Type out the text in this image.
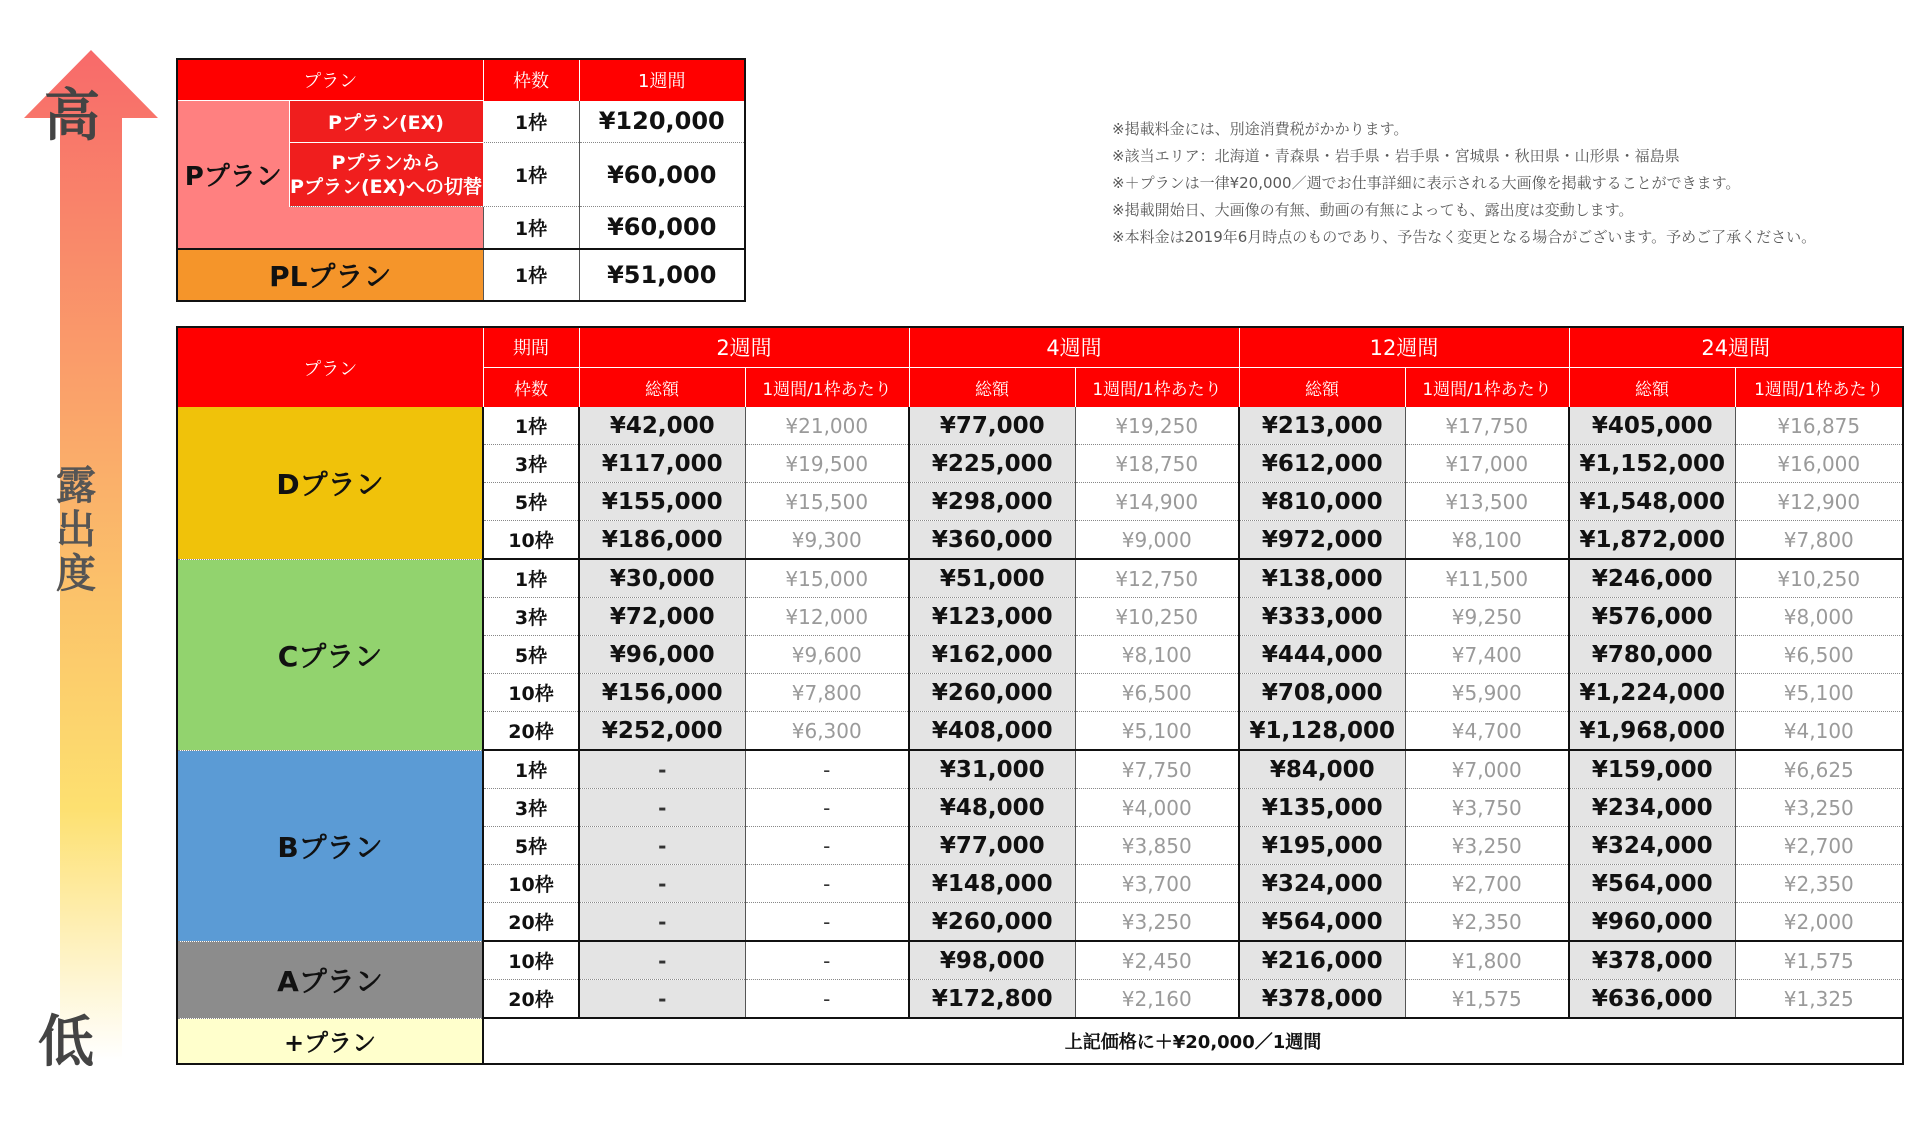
高
露出度
低
プラン		枠数	1週間
Pプラン	Pプラン(EX)	1枠	¥120,000

	Pプランから
Pプラン(EX)への切替	1枠	¥60,000
		1枠	¥60,000
PLプラン		1枠	¥51,000
※掲載料金には、別途消費税がかかります。
※該当エリア：北海道・青森県・岩手県・岩手県・宮城県・秋田県・山形県・福島県
※＋プランは一律¥20,000／週でお仕事詳細に表示される大画像を掲載することができます。
※掲載開始日、大画像の有無、動画の有無によっても、露出度は変動します。
※本料金は2019年6月時点のものであり、予告なく変更となる場合がございます。予めご了承ください。
プラン	期間	2週間		4週間		12週間		24週間	
	枠数	総額	1週間/1枠あたり	総額	1週間/1枠あたり	総額	1週間/1枠あたり	総額	1週間/1枠あたり
Dプラン	1枠	¥42,000	¥21,000	¥77,000	¥19,250	¥213,000	¥17,750	¥405,000	¥16,875
	3枠	¥117,000	¥19,500	¥225,000	¥18,750	¥612,000	¥17,000	¥1,152,000	¥16,000
	5枠	¥155,000	¥15,500	¥298,000	¥14,900	¥810,000	¥13,500	¥1,548,000	¥12,900
	10枠	¥186,000	¥9,300	¥360,000	¥9,000	¥972,000	¥8,100	¥1,872,000	¥7,800
Cプラン	1枠	¥30,000	¥15,000	¥51,000	¥12,750	¥138,000	¥11,500	¥246,000	¥10,250
	3枠	¥72,000	¥12,000	¥123,000	¥10,250	¥333,000	¥9,250	¥576,000	¥8,000
	5枠	¥96,000	¥9,600	¥162,000	¥8,100	¥444,000	¥7,400	¥780,000	¥6,500
	10枠	¥156,000	¥7,800	¥260,000	¥6,500	¥708,000	¥5,900	¥1,224,000	¥5,100
	20枠	¥252,000	¥6,300	¥408,000	¥5,100	¥1,128,000	¥4,700	¥1,968,000	¥4,100
Bプラン	1枠	-	-	¥31,000	¥7,750	¥84,000	¥7,000	¥159,000	¥6,625
	3枠	-	-	¥48,000	¥4,000	¥135,000	¥3,750	¥234,000	¥3,250
	5枠	-	-	¥77,000	¥3,850	¥195,000	¥3,250	¥324,000	¥2,700
	10枠	-	-	¥148,000	¥3,700	¥324,000	¥2,700	¥564,000	¥2,350
	20枠	-	-	¥260,000	¥3,250	¥564,000	¥2,350	¥960,000	¥2,000
Aプラン	10枠	-	-	¥98,000	¥2,450	¥216,000	¥1,800	¥378,000	¥1,575
	20枠	-	-	¥172,800	¥2,160	¥378,000	¥1,575	¥636,000	¥1,325
+プラン	上記価格に＋¥20,000／1週間								
